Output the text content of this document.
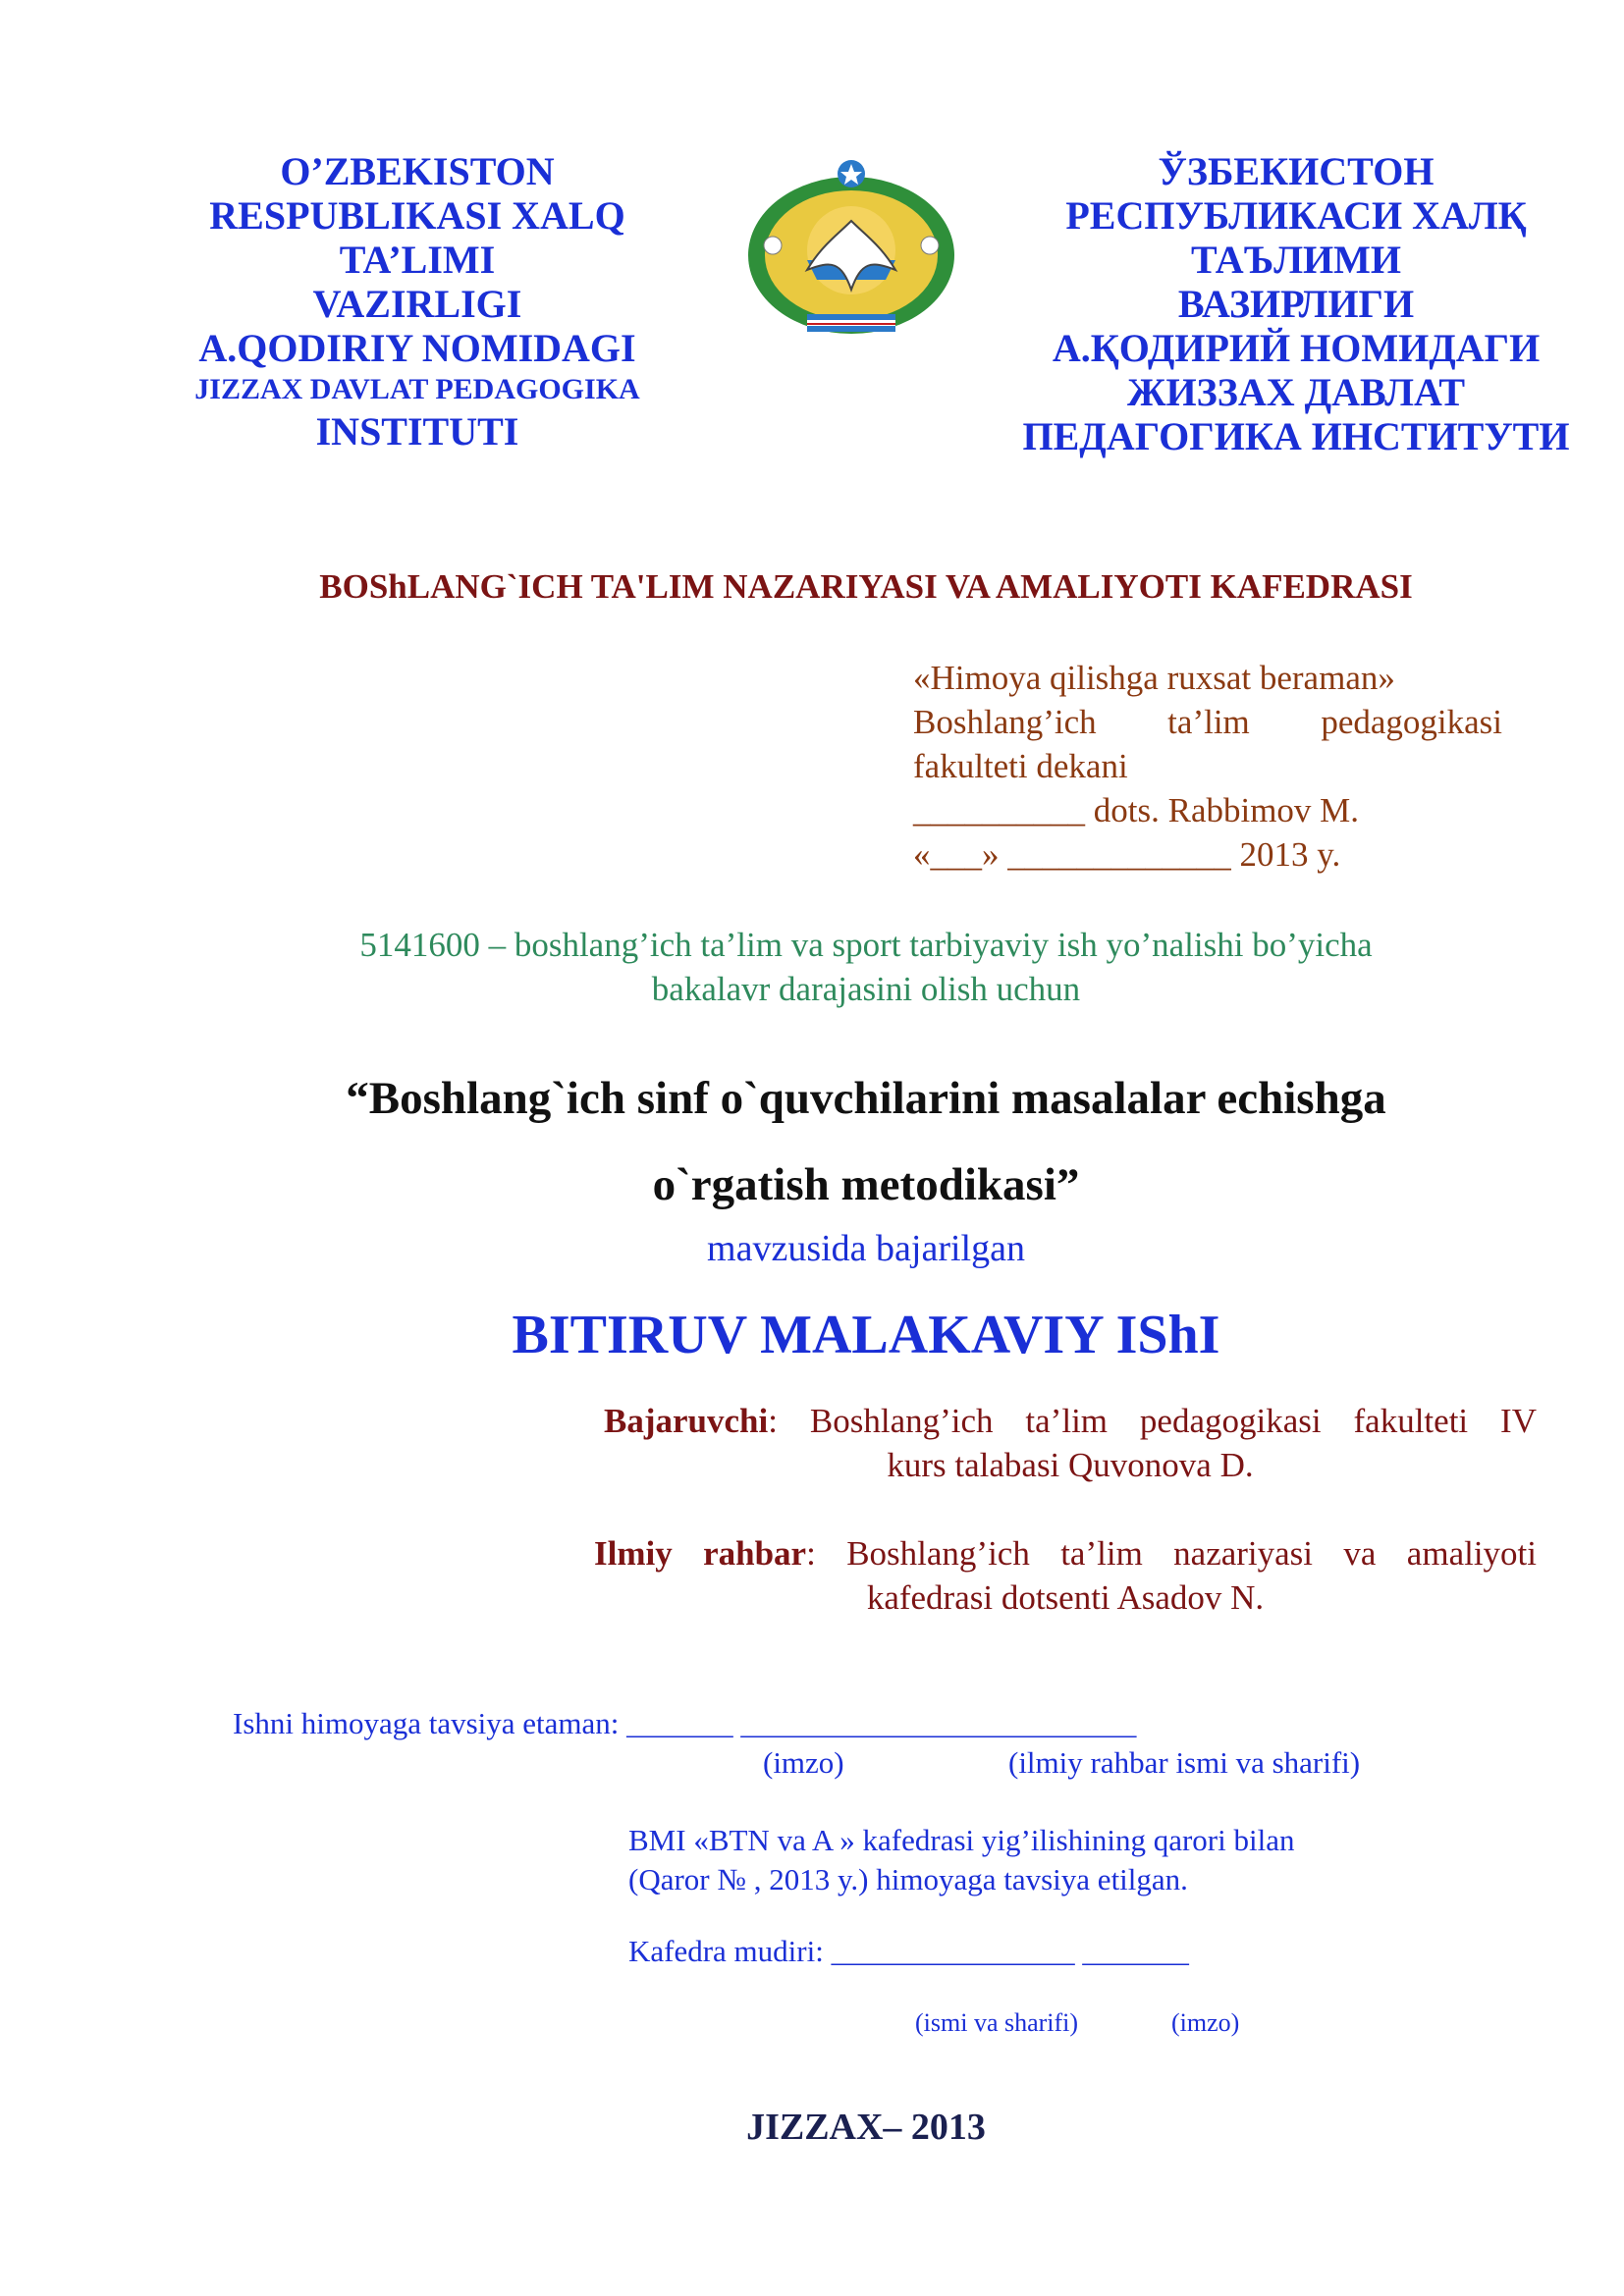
O’ZBEKISTON
RESPUBLIKASI XALQ
TA’LIMI
VAZIRLIGI
A.QODIRIY NOMIDAGI
JIZZAX DAVLAT PEDAGOGIKA
INSTITUTI
ЎЗБЕКИСТОН
РЕСПУБЛИКАСИ ХАЛҚ
ТАЪЛИМИ
ВАЗИРЛИГИ
А.ҚОДИРИЙ НОМИДАГИ
ЖИЗЗАХ ДАВЛАТ
ПЕДАГОГИКА ИНСТИТУТИ
BOShLANG`ICH TA'LIM NAZARIYASI VA AMALIYOTI KAFEDRASI
«Himoya qilishga ruxsat beraman»
Boshlang’ich ta’lim pedagogikasi
fakulteti dekani
__________ dots. Rabbimov M.
«___» _____________ 2013 y.
5141600 – boshlang’ich ta’lim va sport tarbiyaviy ish yo’nalishi bo’yicha
bakalavr darajasini olish uchun
“Boshlang`ich sinf o`quvchilarini masalalar echishga
o`rgatish metodikasi”
mavzusida bajarilgan
BITIRUV MALAKAVIY IShI
Bajaruvchi: Boshlang’ich ta’lim pedagogikasi fakulteti IV
kurs talabasi Quvonova D.
Ilmiy rahbar: Boshlang’ich ta’lim nazariyasi va amaliyoti
kafedrasi dotsenti Asadov N.
Ishni himoyaga tavsiya etaman: _______ __________________________
(imzo)	(ilmiy rahbar ismi va sharifi)
BMI «BTN va A » kafedrasi yig’ilishining qarori bilan
(Qaror № , 2013 y.) himoyaga tavsiya etilgan.
Kafedra mudiri: ________________ _______
(ismi va sharifi)	(imzo)
JIZZAX– 2013
